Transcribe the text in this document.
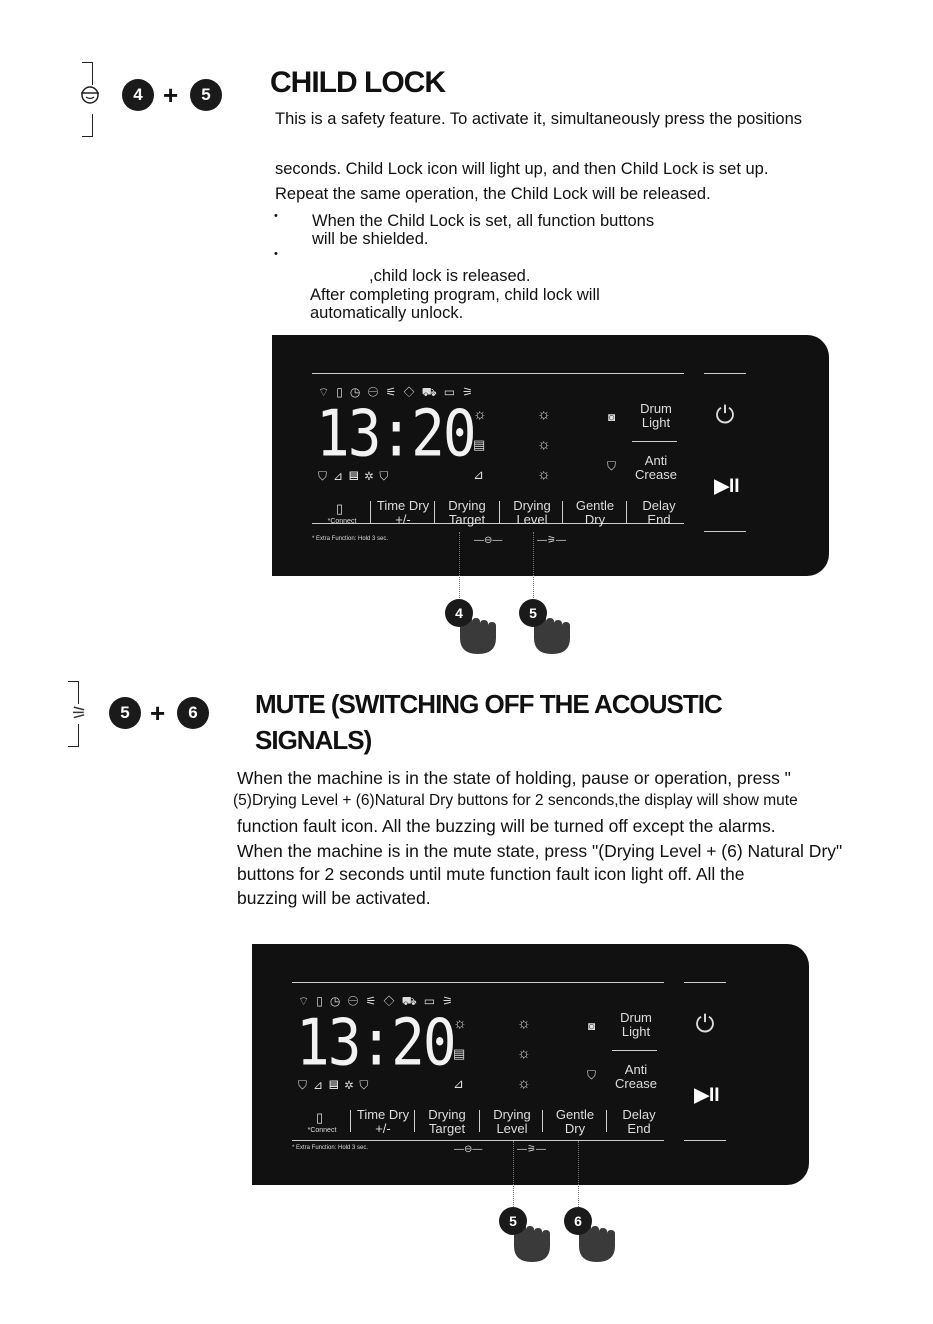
4 +	5	CHILD LOCK
This is a safety feature. To activate it, simultaneously press the positions
seconds. Child Lock icon will light up, and then Child Lock is set up.
Repeat the same operation, the Child Lock will be released.
• When the Child Lock is set, all function buttons
will be shielded.
•
,child lock is released.
After completing program, child lock will
automatically unlock.
⌔▯◷⊖⚟◇⛟▭⚞
13:20
⛉⊿▤✲⛉
☼	☼
▤	☼
⊿	☼
◙
Drum
Light
⛉	Anti
Crease
▯
*Connect
Time Dry
+/-
Drying
Target
Drying
Level
Gentle
Dry
Delay
End
* Extra Function: Hold 3 sec.	—⊖—	—⚞—
⏻
▶II
4	5
⚞	5 +	6	MUTE (SWITCHING OFF THE ACOUSTIC
SIGNALS)
When the machine is in the state of holding, pause or operation, press "
(5)Drying Level + (6)Natural Dry buttons for 2 senconds,the display will show mute
function fault icon. All the buzzing will be turned off except the alarms.
When the machine is in the mute state, press "(Drying Level + (6) Natural Dry"
buttons for 2 seconds until mute function fault icon light off. All the
buzzing will be activated.
⌔▯◷⊖⚟◇⛟▭⚞
13:20
⛉⊿▤✲⛉
☼	☼
▤	☼
⊿	☼
◙
Drum
Light
⛉	Anti
Crease
▯
*Connect
Time Dry
+/-
Drying
Target
Drying
Level
Gentle
Dry
Delay
End
* Extra Function: Hold 3 sec.	—⊖—	—⚞—
⏻
▶II
5	6
